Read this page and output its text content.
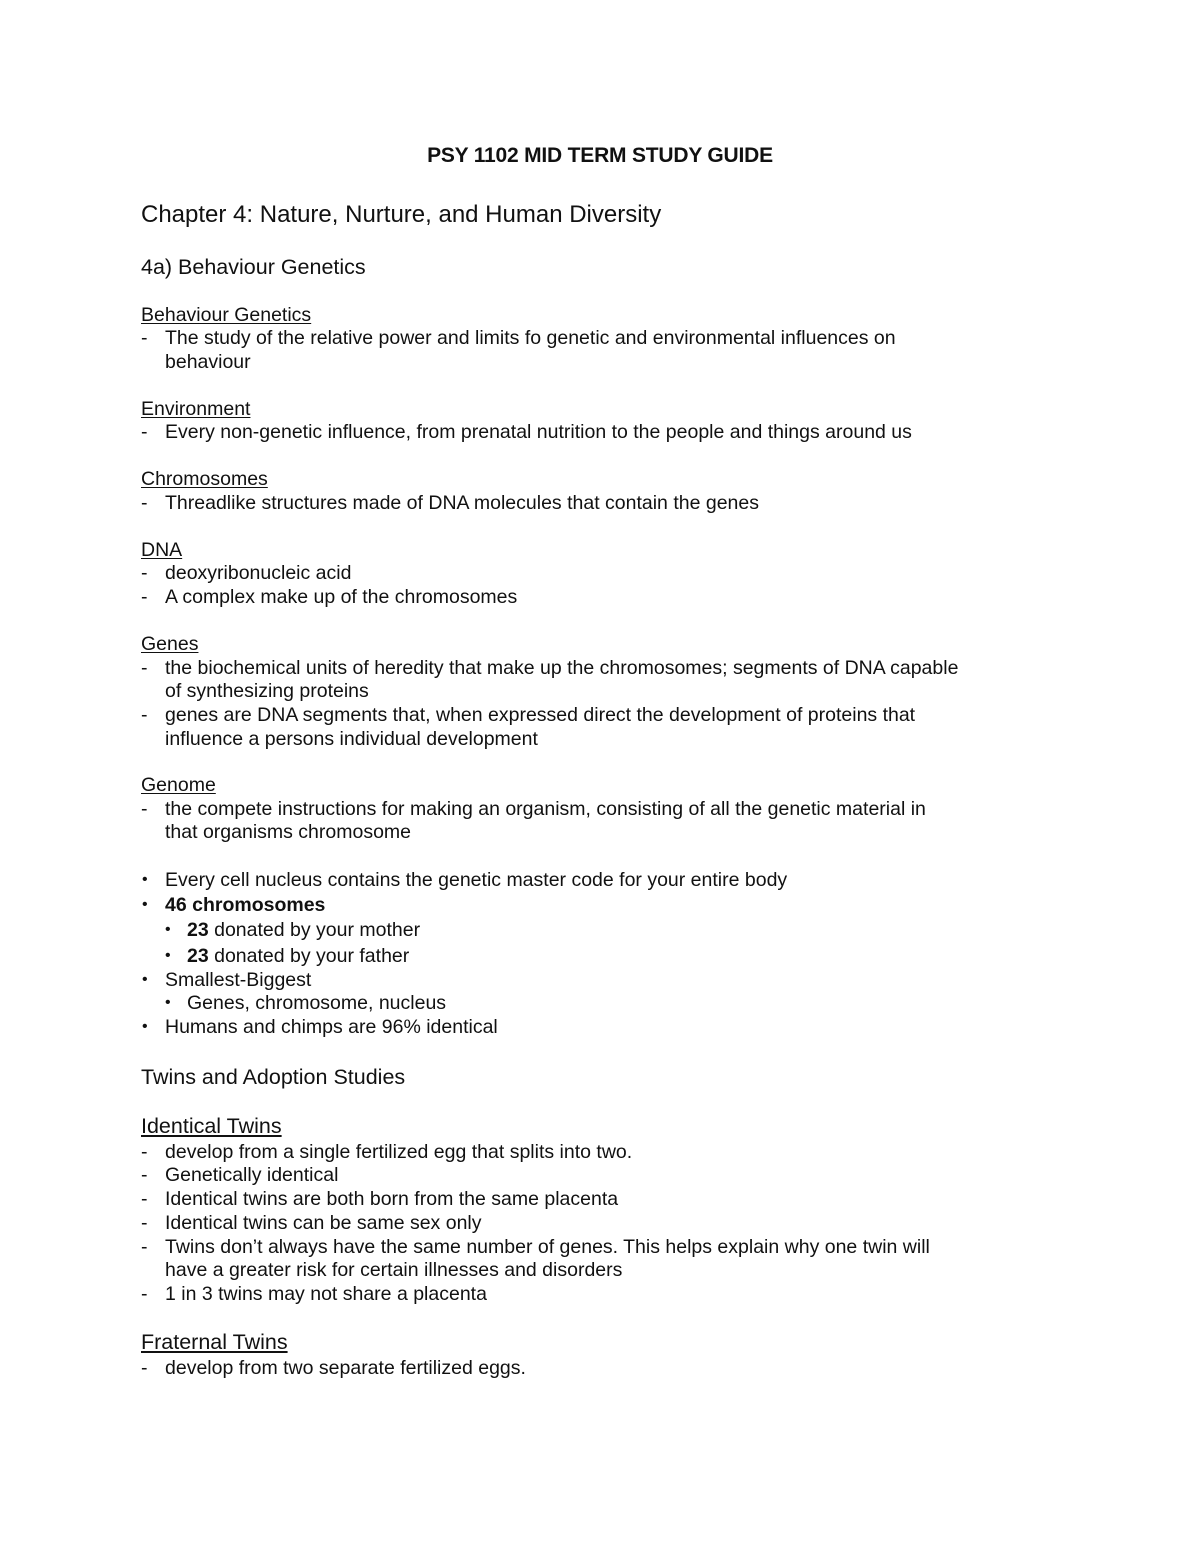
PSY 1102 MID TERM STUDY GUIDE
Chapter 4: Nature, Nurture, and Human Diversity
4a) Behaviour Genetics
Behaviour Genetics
- The study of the relative power and limits fo genetic and environmental influences on
behaviour
Environment
- Every non-genetic influence, from prenatal nutrition to the people and things around us
Chromosomes
- Threadlike structures made of DNA molecules that contain the genes
DNA
- deoxyribonucleic acid
- A complex make up of the chromosomes
Genes
- the biochemical units of heredity that make up the chromosomes; segments of DNA capable
of synthesizing proteins
- genes are DNA segments that, when expressed direct the development of proteins that
influence a persons individual development
Genome
- the compete instructions for making an organism, consisting of all the genetic material in
that organisms chromosome
• Every cell nucleus contains the genetic master code for your entire body
• 46 chromosomes
• 23 donated by your mother
• 23 donated by your father
• Smallest-Biggest
• Genes, chromosome, nucleus
• Humans and chimps are 96% identical
Twins and Adoption Studies
Identical Twins
- develop from a single fertilized egg that splits into two.
- Genetically identical
- Identical twins are both born from the same placenta
- Identical twins can be same sex only
- Twins don’t always have the same number of genes. This helps explain why one twin will
have a greater risk for certain illnesses and disorders
- 1 in 3 twins may not share a placenta
Fraternal Twins
- develop from two separate fertilized eggs.
